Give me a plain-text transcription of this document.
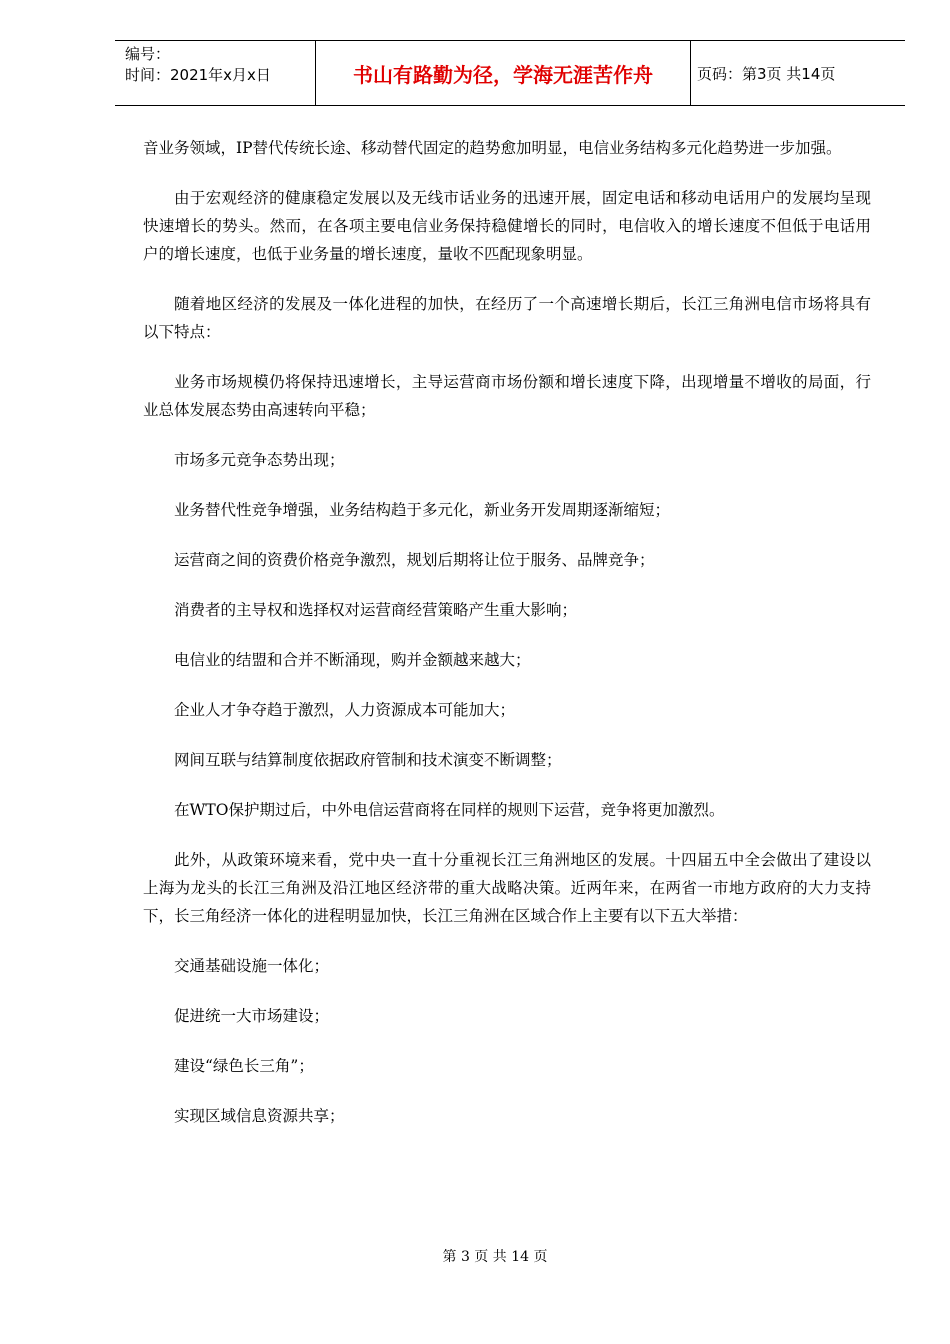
编号：
时间：2021年x月x日	书山有路勤为径，学海无涯苦作舟	页码：第3页 共14页

音业务领域，IP替代传统长途、移动替代固定的趋势愈加明显，电信业务结构多元化趋势进一步加强。

由于宏观经济的健康稳定发展以及无线市话业务的迅速开展，固定电话和移动电话用户的发展均呈现快速增长的势头。然而，在各项主要电信业务保持稳健增长的同时，电信收入的增长速度不但低于电话用户的增长速度，也低于业务量的增长速度，量收不匹配现象明显。

随着地区经济的发展及一体化进程的加快，在经历了一个高速增长期后，长江三角洲电信市场将具有以下特点：

业务市场规模仍将保持迅速增长，主导运营商市场份额和增长速度下降，出现增量不增收的局面，行业总体发展态势由高速转向平稳；

市场多元竞争态势出现；

业务替代性竞争增强，业务结构趋于多元化，新业务开发周期逐渐缩短；

运营商之间的资费价格竞争激烈，规划后期将让位于服务、品牌竞争；

消费者的主导权和选择权对运营商经营策略产生重大影响；

电信业的结盟和合并不断涌现，购并金额越来越大；

企业人才争夺趋于激烈，人力资源成本可能加大；

网间互联与结算制度依据政府管制和技术演变不断调整；

在WTO保护期过后，中外电信运营商将在同样的规则下运营，竞争将更加激烈。

此外，从政策环境来看，党中央一直十分重视长江三角洲地区的发展。十四届五中全会做出了建设以上海为龙头的长江三角洲及沿江地区经济带的重大战略决策。近两年来，在两省一市地方政府的大力支持下，长三角经济一体化的进程明显加快，长江三角洲在区域合作上主要有以下五大举措：

交通基础设施一体化；

促进统一大市场建设；

建设“绿色长三角”；

实现区域信息资源共享；

第 3 页 共 14 页
